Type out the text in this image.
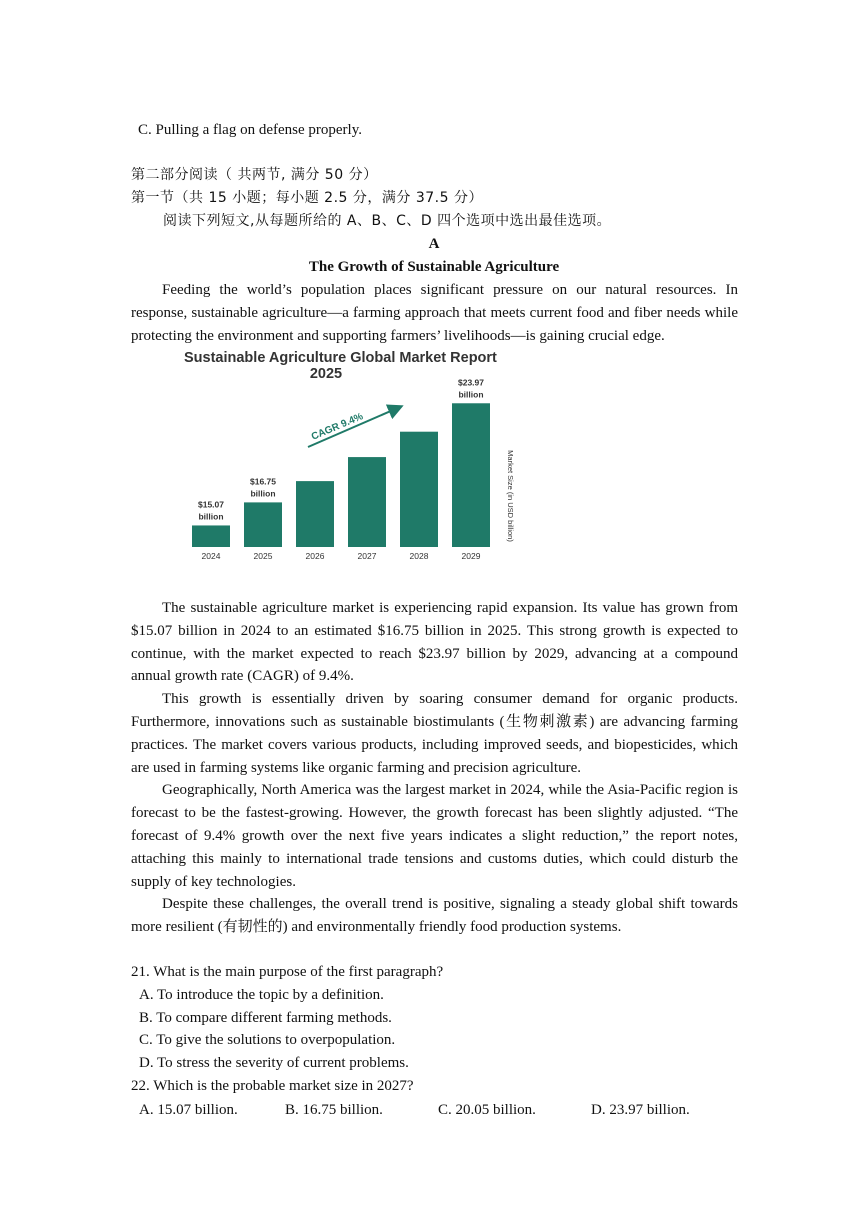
C. Pulling a flag on defense properly.
第二部分阅读（ 共两节, 满分 50 分）
第一节（共 15 小题；每小题 2.5 分，满分 37.5 分）
阅读下列短文,从每题所给的 A、B、C、D 四个选项中选出最佳选项。
A
The Growth of Sustainable Agriculture

Feeding the world’s population places significant pressure on our natural resources. In response, sustainable agriculture—a farming approach that meets current food and fiber needs while protecting the environment and supporting farmers’ livelihoods—is gaining crucial edge.

Sustainable Agriculture Global Market Report
2025
2024	2025	2026	2027	2028	2029
$15.07
billion
$16.75
billion
$23.97
billion
CAGR 9.4%
Market Size (in USD billion)

The sustainable agriculture market is experiencing rapid expansion. Its value has grown from $15.07 billion in 2024 to an estimated $16.75 billion in 2025. This strong growth is expected to continue, with the market expected to reach $23.97 billion by 2029, advancing at a compound annual growth rate (CAGR) of 9.4%.

This growth is essentially driven by soaring consumer demand for organic products. Furthermore, innovations such as sustainable biostimulants (生物刺激素) are advancing farming practices. The market covers various products, including improved seeds, and biopesticides, which are used in farming systems like organic farming and precision agriculture.

Geographically, North America was the largest market in 2024, while the Asia-Pacific region is forecast to be the fastest-growing. However, the growth forecast has been slightly adjusted. “The forecast of 9.4% growth over the next five years indicates a slight reduction,” the report notes, attaching this mainly to international trade tensions and customs duties, which could disturb the supply of key technologies.

Despite these challenges, the overall trend is positive, signaling a steady global shift towards more resilient (有韧性的) and environmentally friendly food production systems.

21. What is the main purpose of the first paragraph?
A. To introduce the topic by a definition.
B. To compare different farming methods.
C. To give the solutions to overpopulation.
D. To stress the severity of current problems.
22. Which is the probable market size in 2027?
A. 15.07 billion.	B. 16.75 billion.	C. 20.05 billion.	D. 23.97 billion.
